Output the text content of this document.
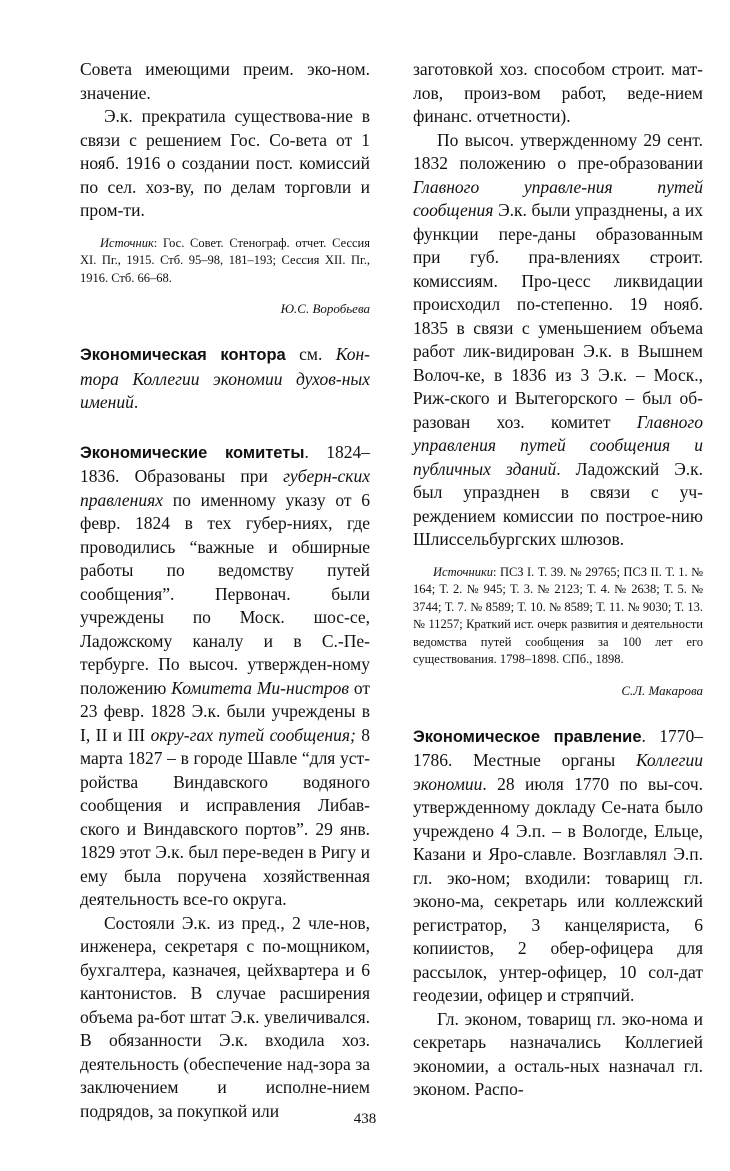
Совета имеющими преим. эко-ном. значение.

Э.к. прекратила существова-ние в связи с решением Гос. Со-вета от 1 нояб. 1916 о создании пост. комиссий по сел. хоз-ву, по делам торговли и пром-ти.

Источник: Гос. Совет. Стенограф. отчет. Сессия XI. Пг., 1915. Стб. 95–98, 181–193; Сессия XII. Пг., 1916. Стб. 66–68.

Ю.С. Воробьева

Экономическая контора см. Кон-тора Коллегии экономии духов-ных имений.

Экономические комитеты. 1824–1836. Образованы при губерн-ских правлениях по именному указу от 6 февр. 1824 в тех губер-ниях, где проводились “важные и обширные работы по ведомству путей сообщения”. Первонач. были учреждены по Моск. шос-се, Ладожскому каналу и в С.-Пе-тербурге. По высоч. утвержден-ному положению Комитета Ми-нистров от 23 февр. 1828 Э.к. были учреждены в I, II и III окру-гах путей сообщения; 8 марта 1827 – в городе Шавле “для уст-ройства Виндавского водяного сообщения и исправления Либав-ского и Виндавского портов”. 29 янв. 1829 этот Э.к. был пере-веден в Ригу и ему была поручена хозяйственная деятельность все-го округа.

Состояли Э.к. из пред., 2 чле-нов, инженера, секретаря с по-мощником, бухгалтера, казначея, цейхвартера и 6 кантонистов. В случае расширения объема ра-бот штат Э.к. увеличивался. В обязанности Э.к. входила хоз. деятельность (обеспечение над-зора за заключением и исполне-нием подрядов, за покупкой или

заготовкой хоз. способом строит. мат-лов, произ-вом работ, веде-нием финанс. отчетности).

По высоч. утвержденному 29 сент. 1832 положению о пре-образовании Главного управле-ния путей сообщения Э.к. были упразднены, а их функции пере-даны образованным при губ. пра-влениях строит. комиссиям. Про-цесс ликвидации происходил по-степенно. 19 нояб. 1835 в связи с уменьшением объема работ лик-видирован Э.к. в Вышнем Волоч-ке, в 1836 из 3 Э.к. – Моск., Риж-ского и Вытегорского – был об-разован хоз. комитет Главного управления путей сообщения и публичных зданий. Ладожский Э.к. был упразднен в связи с уч-реждением комиссии по построе-нию Шлиссельбургских шлюзов.

Источники: ПСЗ I. Т. 39. № 29765; ПСЗ II. Т. 1. № 164; Т. 2. № 945; Т. 3. № 2123; Т. 4. № 2638; Т. 5. № 3744; Т. 7. № 8589; Т. 10. № 8589; Т. 11. № 9030; Т. 13. № 11257; Краткий ист. очерк развития и деятельности ведомства путей сообщения за 100 лет его существования. 1798–1898. СПб., 1898.

С.Л. Макарова

Экономическое правление. 1770–1786. Местные органы Коллегии экономии. 28 июля 1770 по вы-соч. утвержденному докладу Се-ната было учреждено 4 Э.п. – в Вологде, Ельце, Казани и Яро-славле. Возглавлял Э.п. гл. эко-ном; входили: товарищ гл. эконо-ма, секретарь или коллежский регистратор, 3 канцеляриста, 6 копиистов, 2 обер-офицера для рассылок, унтер-офицер, 10 сол-дат геодезии, офицер и стряпчий.

Гл. эконом, товарищ гл. эко-нома и секретарь назначались Коллегией экономии, а осталь-ных назначал гл. эконом. Распо-

438
